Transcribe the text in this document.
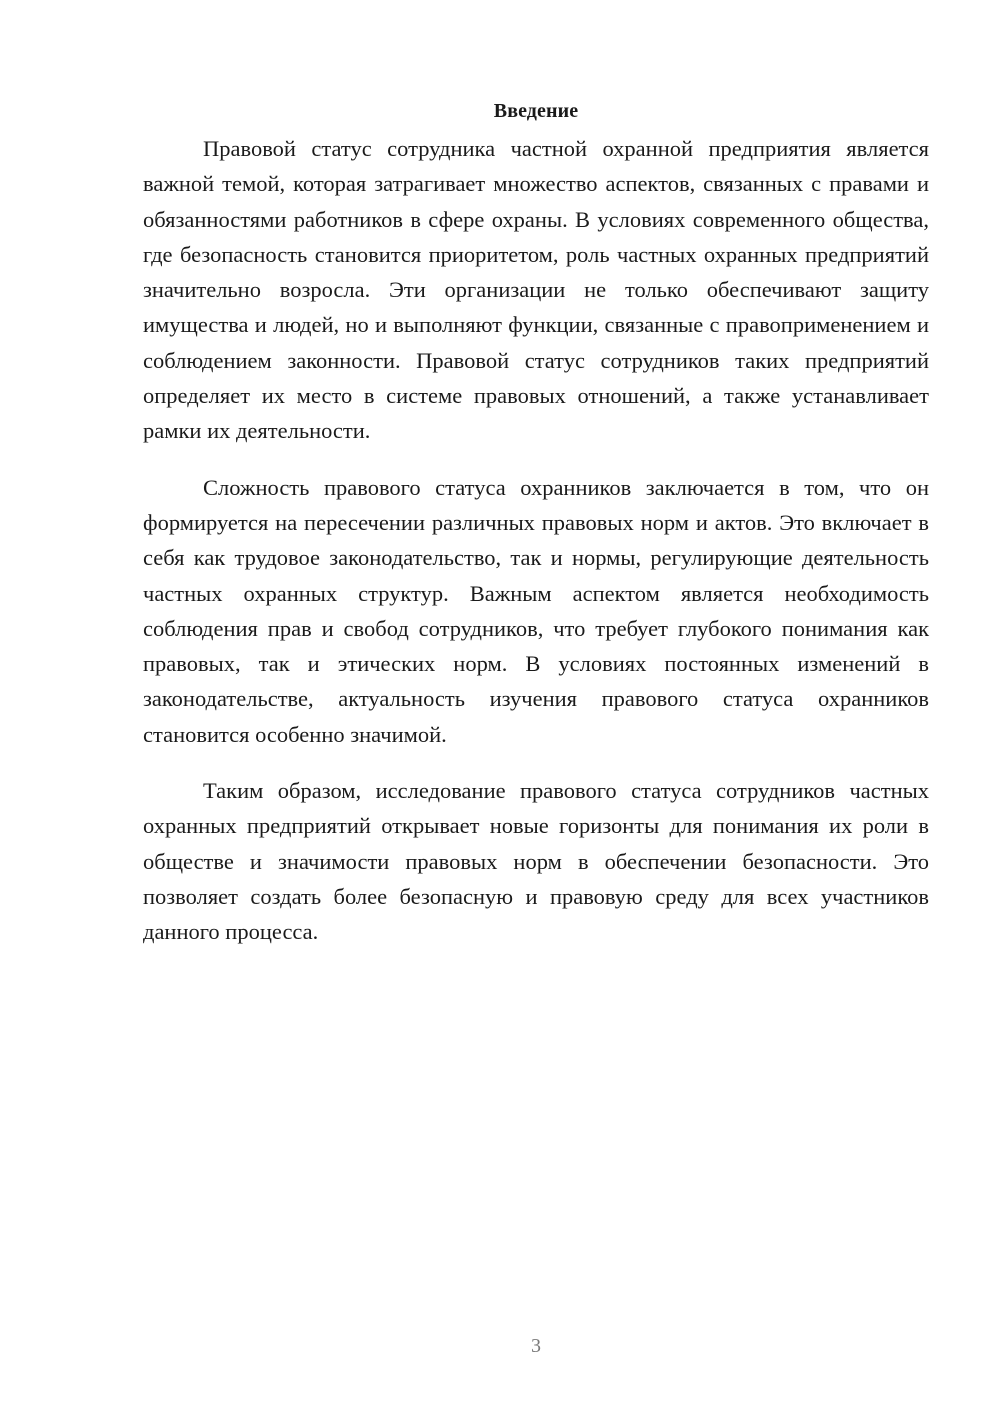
Введение

Правовой статус сотрудника частной охранной предприятия является важной темой, которая затрагивает множество аспектов, связанных с правами и обязанностями работников в сфере охраны. В условиях современного общества, где безопасность становится приоритетом, роль частных охранных предприятий значительно возросла. Эти организации не только обеспечивают защиту имущества и людей, но и выполняют функции, связанные с правоприменением и соблюдением законности. Правовой статус сотрудников таких предприятий определяет их место в системе правовых отношений, а также устанавливает рамки их деятельности.

Сложность правового статуса охранников заключается в том, что он формируется на пересечении различных правовых норм и актов. Это включает в себя как трудовое законодательство, так и нормы, регулирующие деятельность частных охранных структур. Важным аспектом является необходимость соблюдения прав и свобод сотрудников, что требует глубокого понимания как правовых, так и этических норм. В условиях постоянных изменений в законодательстве, актуальность изучения правового статуса охранников становится особенно значимой.

Таким образом, исследование правового статуса сотрудников частных охранных предприятий открывает новые горизонты для понимания их роли в обществе и значимости правовых норм в обеспечении безопасности. Это позволяет создать более безопасную и правовую среду для всех участников данного процесса.

3
